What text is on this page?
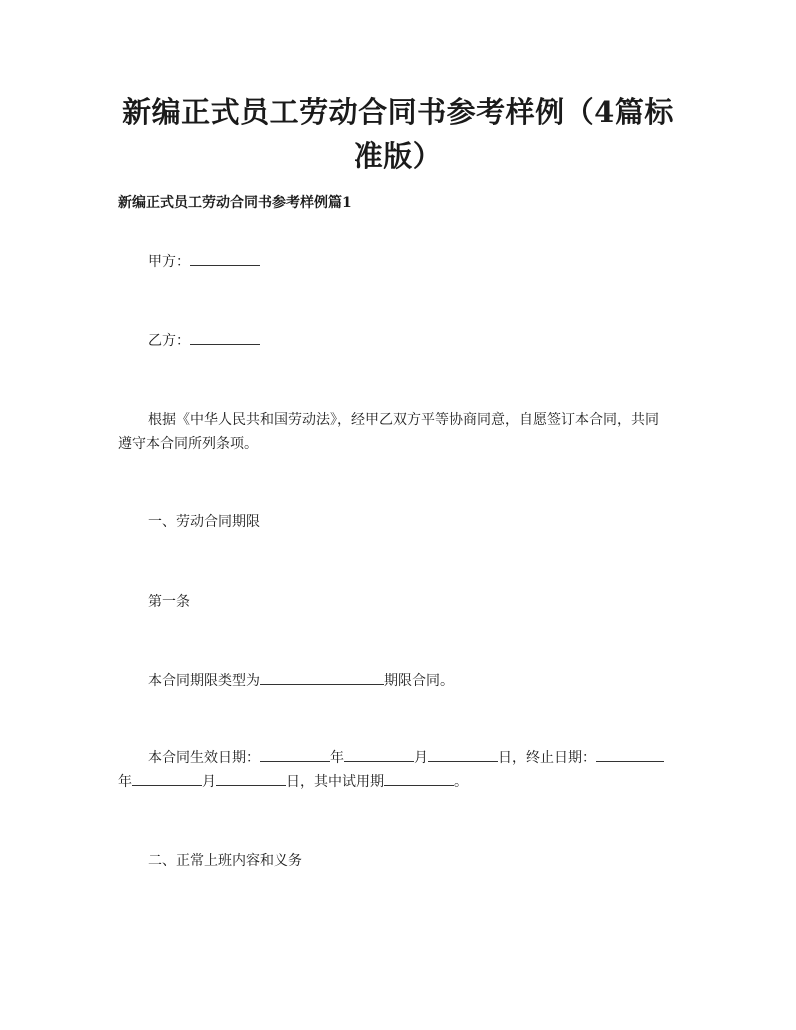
新编正式员工劳动合同书参考样例（4篇标准版）
新编正式员工劳动合同书参考样例篇1
甲方：
乙方：
根据《中华人民共和国劳动法》，经甲乙双方平等协商同意，自愿签订本合同，共同遵守本合同所列条项。
一、劳动合同期限
第一条
本合同期限类型为	期限合同。
本合同生效日期：	年	月	日，终止日期：年	月	日，其中试用期	。
二、正常上班内容和义务
